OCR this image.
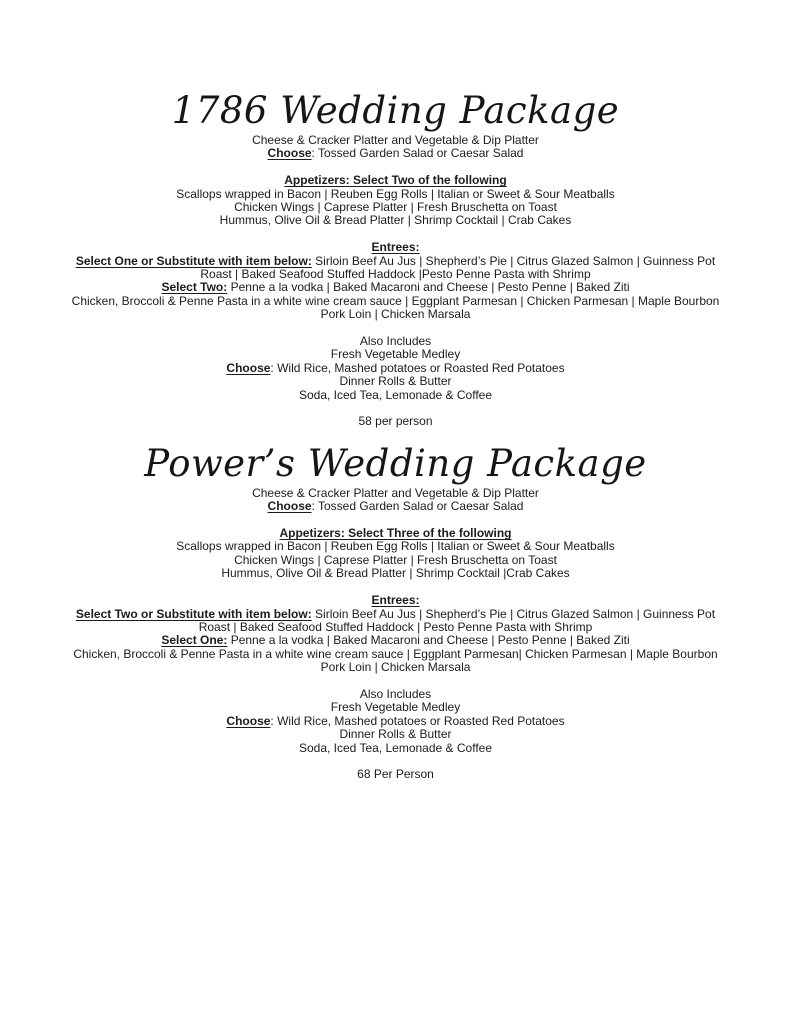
1786 Wedding Package
Cheese & Cracker Platter and Vegetable & Dip Platter
Choose: Tossed Garden Salad or Caesar Salad
Appetizers: Select Two of the following
Scallops wrapped in Bacon | Reuben Egg Rolls | Italian or Sweet & Sour Meatballs
Chicken Wings | Caprese Platter | Fresh Bruschetta on Toast
Hummus, Olive Oil & Bread Platter | Shrimp Cocktail | Crab Cakes
Entrees:
Select One or Substitute with item below: Sirloin Beef Au Jus | Shepherd’s Pie | Citrus Glazed Salmon | Guinness Pot
Roast | Baked Seafood Stuffed Haddock |Pesto Penne Pasta with Shrimp
Select Two: Penne a la vodka | Baked Macaroni and Cheese | Pesto Penne | Baked Ziti
Chicken, Broccoli & Penne Pasta in a white wine cream sauce | Eggplant Parmesan | Chicken Parmesan | Maple Bourbon
Pork Loin | Chicken Marsala
Also Includes
Fresh Vegetable Medley
Choose: Wild Rice, Mashed potatoes or Roasted Red Potatoes
Dinner Rolls & Butter
Soda, Iced Tea, Lemonade & Coffee
58 per person
Power’s Wedding Package
Cheese & Cracker Platter and Vegetable & Dip Platter
Choose: Tossed Garden Salad or Caesar Salad
Appetizers: Select Three of the following
Scallops wrapped in Bacon | Reuben Egg Rolls | Italian or Sweet & Sour Meatballs
Chicken Wings | Caprese Platter | Fresh Bruschetta on Toast
Hummus, Olive Oil & Bread Platter | Shrimp Cocktail |Crab Cakes
Entrees:
Select Two or Substitute with item below: Sirloin Beef Au Jus | Shepherd’s Pie | Citrus Glazed Salmon | Guinness Pot
Roast | Baked Seafood Stuffed Haddock | Pesto Penne Pasta with Shrimp
Select One: Penne a la vodka | Baked Macaroni and Cheese | Pesto Penne | Baked Ziti
Chicken, Broccoli & Penne Pasta in a white wine cream sauce | Eggplant Parmesan| Chicken Parmesan | Maple Bourbon
Pork Loin | Chicken Marsala
Also Includes
Fresh Vegetable Medley
Choose: Wild Rice, Mashed potatoes or Roasted Red Potatoes
Dinner Rolls & Butter
Soda, Iced Tea, Lemonade & Coffee
68 Per Person
